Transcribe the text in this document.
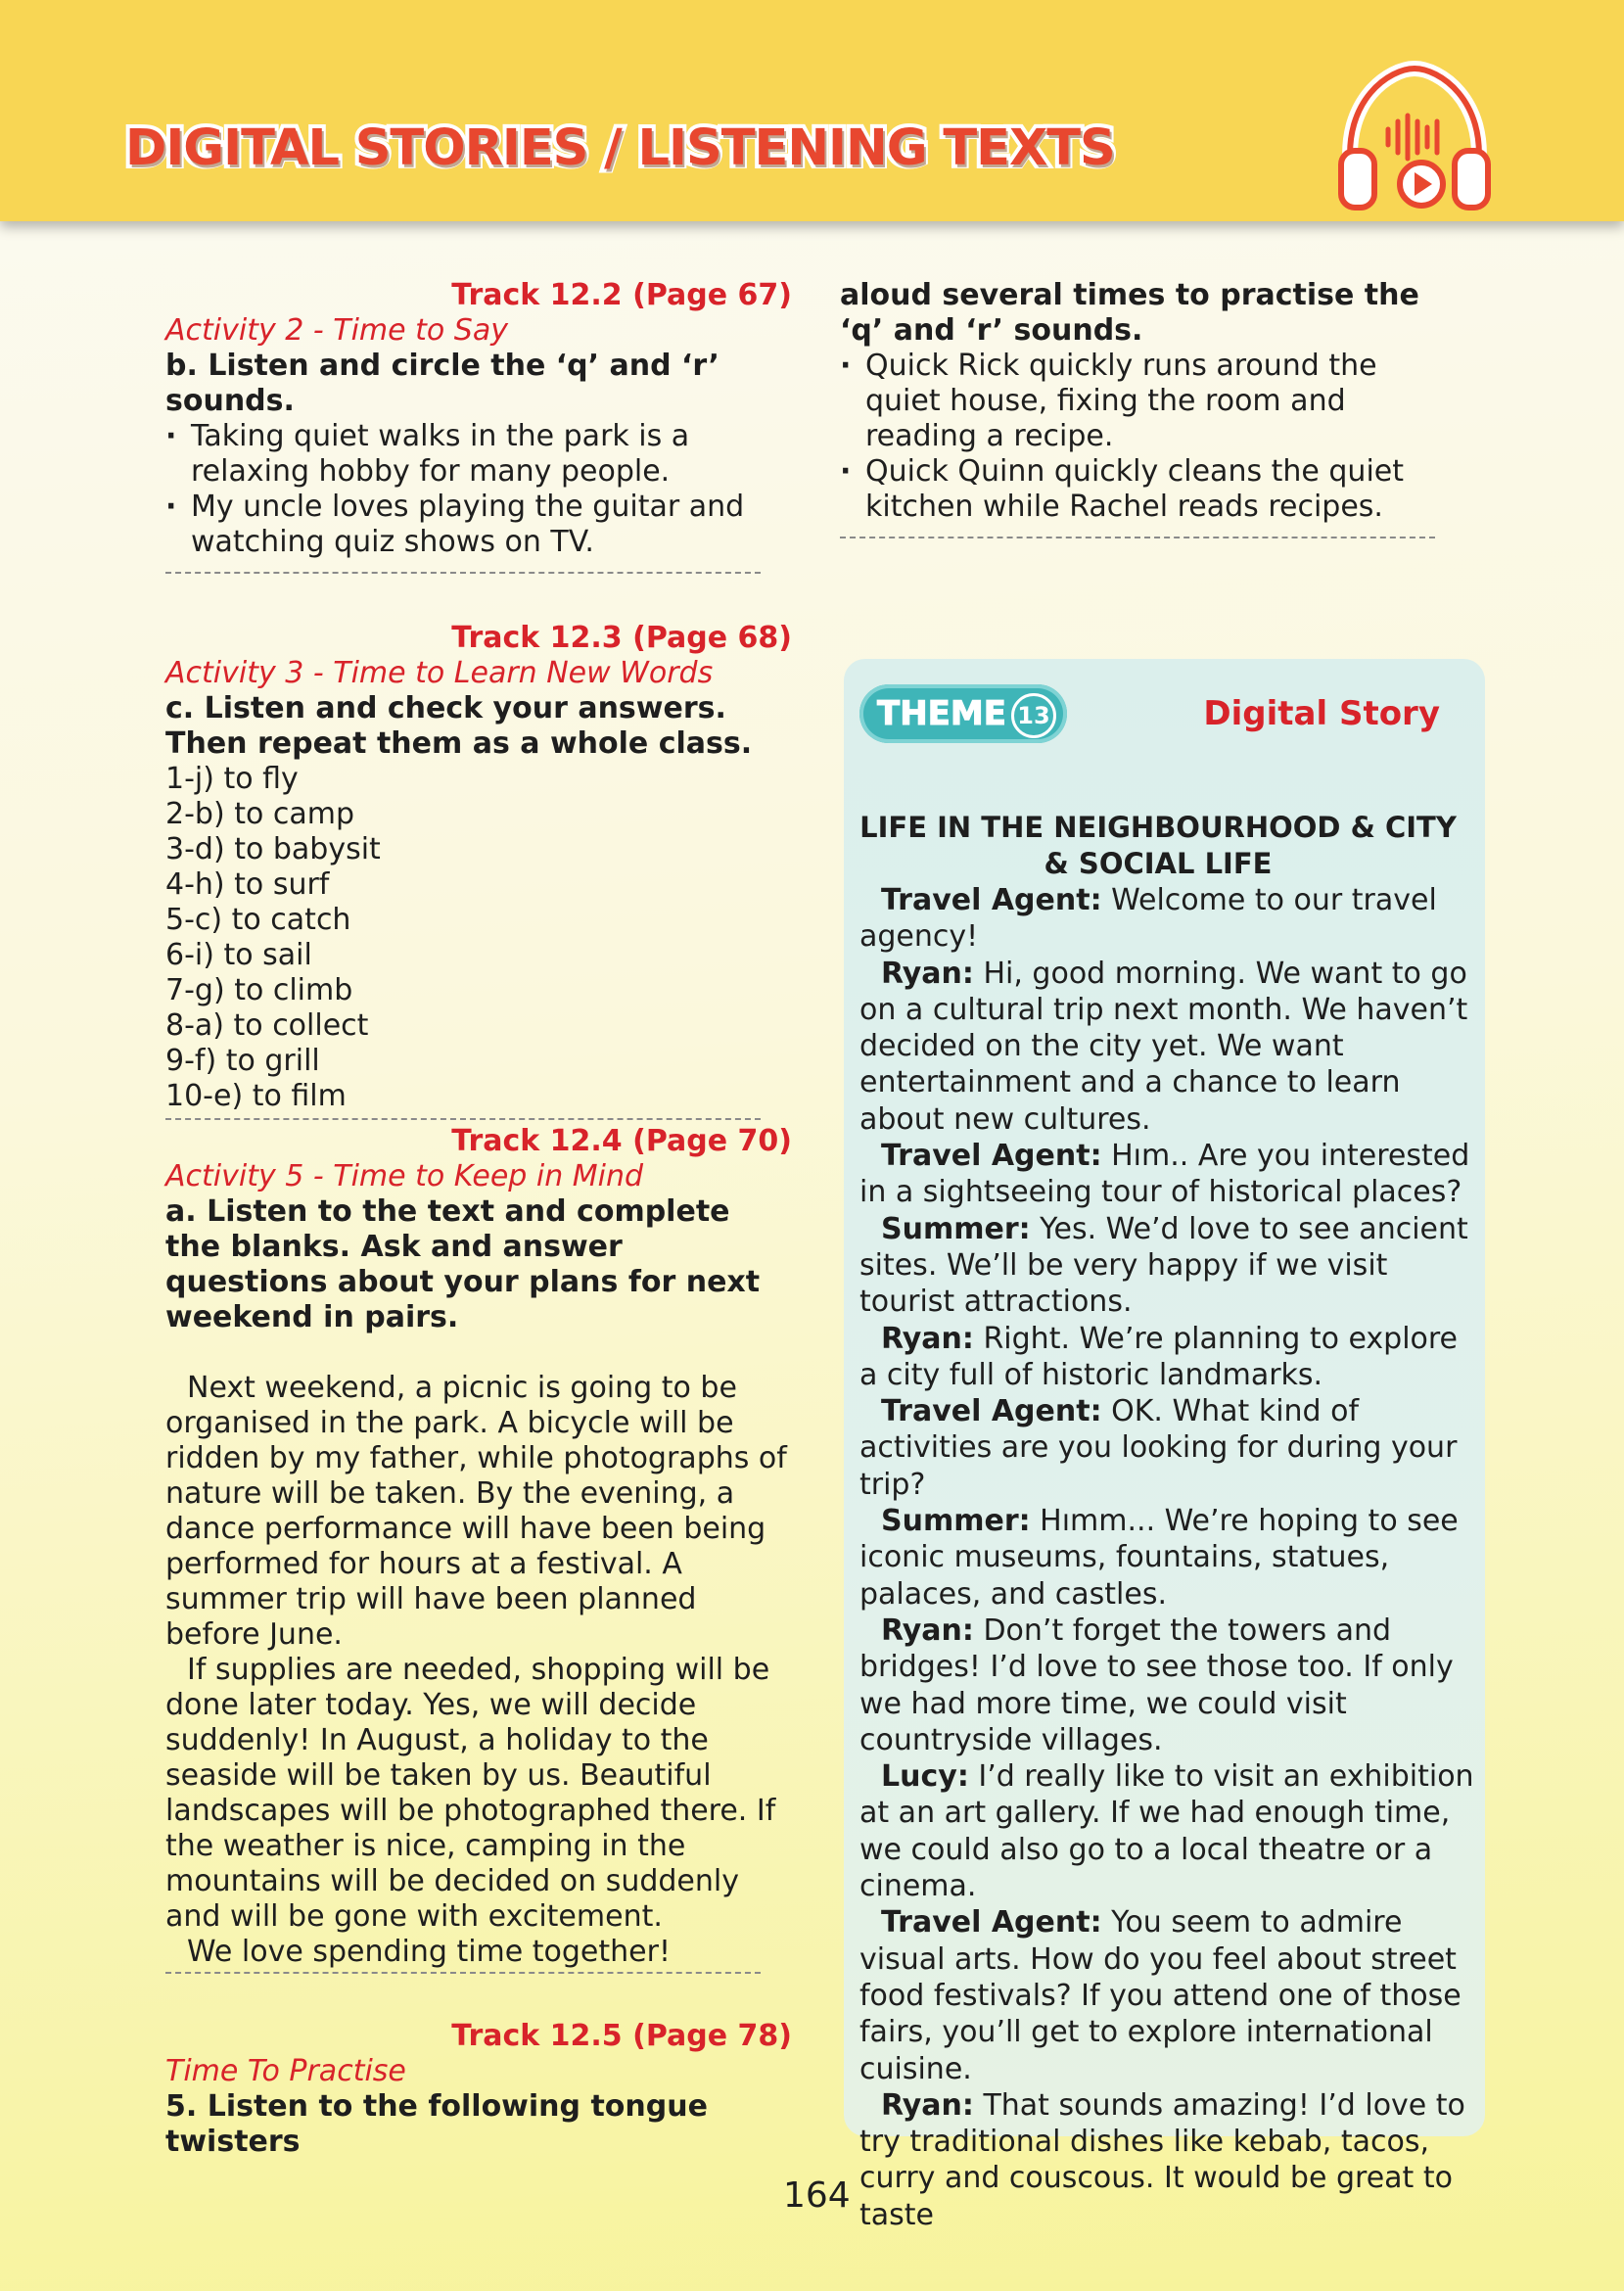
DIGITAL STORIES / LISTENING TEXTS
Track 12.2 (Page 67)
Activity 2 - Time to Say
b. Listen and circle the ‘q’ and ‘r’ sounds.
· Taking quiet walks in the park is a relaxing hobby for many people.
· My uncle loves playing the guitar and watching quiz shows on TV.
Track 12.3 (Page 68)
Activity 3 - Time to Learn New Words
c. Listen and check your answers. Then repeat them as a whole class.
1-j) to fly
2-b) to camp
3-d) to babysit
4-h) to surf
5-c) to catch
6-i) to sail
7-g) to climb
8-a) to collect
9-f) to grill
10-e) to film
Track 12.4 (Page 70)
Activity 5 - Time to Keep in Mind
a. Listen to the text and complete the blanks. Ask and answer questions about your plans for next weekend in pairs.

Next weekend, a picnic is going to be organised in the park. A bicycle will be ridden by my father, while photographs of nature will be taken. By the evening, a dance performance will have been being performed for hours at a festival. A summer trip will have been planned before June.

If supplies are needed, shopping will be done later today. Yes, we will decide suddenly! In August, a holiday to the seaside will be taken by us. Beautiful landscapes will be photographed there. If the weather is nice, camping in the mountains will be decided on suddenly and will be gone with excitement.

We love spending time together!

Track 12.5 (Page 78)
Time To Practise
5. Listen to the following tongue twisters
aloud several times to practise the ‘q’ and ‘r’ sounds.
· Quick Rick quickly runs around the quiet house, fixing the room and reading a recipe.
· Quick Quinn quickly cleans the quiet kitchen while Rachel reads recipes.
THEME 13	Digital Story
LIFE IN THE NEIGHBOURHOOD & CITY & SOCIAL LIFE

Travel Agent: Welcome to our travel agency!

Ryan: Hi, good morning. We want to go on a cultural trip next month. We haven’t decided on the city yet. We want entertainment and a chance to learn about new cultures.

Travel Agent: Hım.. Are you interested in a sightseeing tour of historical places?

Summer: Yes. We’d love to see ancient sites. We’ll be very happy if we visit tourist attractions.

Ryan: Right. We’re planning to explore a city full of historic landmarks.

Travel Agent: OK. What kind of activities are you looking for during your trip?

Summer: Hımm... We’re hoping to see iconic museums, fountains, statues, palaces, and castles.

Ryan: Don’t forget the towers and bridges! I’d love to see those too. If only we had more time, we could visit countryside villages.

Lucy: I’d really like to visit an exhibition at an art gallery. If we had enough time, we could also go to a local theatre or a cinema.

Travel Agent: You seem to admire visual arts. How do you feel about street food festivals? If you attend one of those fairs, you’ll get to explore international cuisine.

Ryan: That sounds amazing! I’d love to try traditional dishes like kebab, tacos, curry and couscous. It would be great to taste

164
